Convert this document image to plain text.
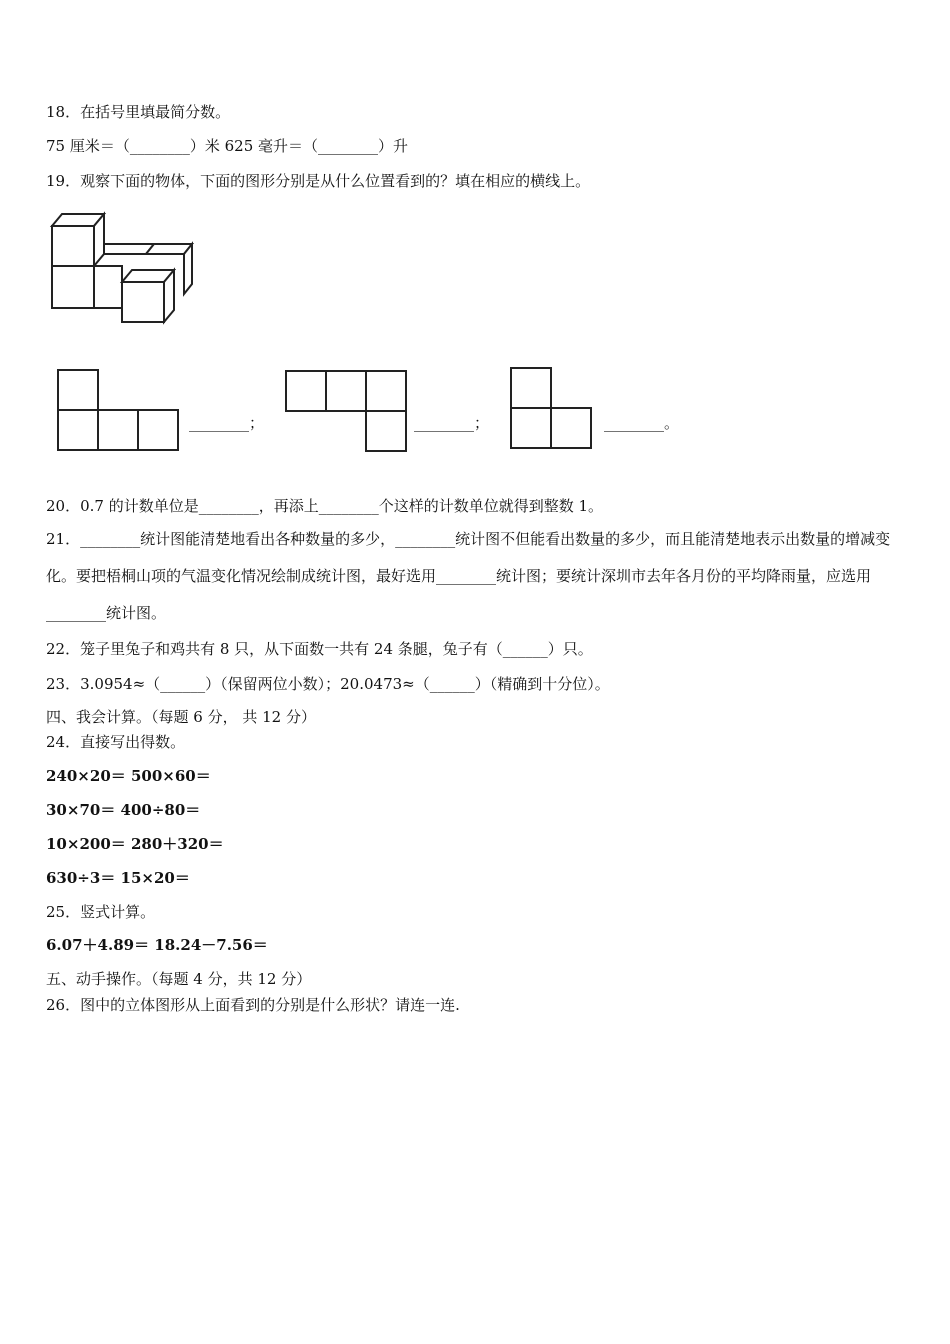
18．在括号里填最简分数。
75 厘米＝（________）米 625 毫升＝（________）升
19．观察下面的物体，下面的图形分别是从什么位置看到的？填在相应的横线上。
________；	________；	________。
20．0.7 的计数单位是________，再添上________个这样的计数单位就得到整数 1。
21．________统计图能清楚地看出各种数量的多少，________统计图不但能看出数量的多少，而且能清楚地表示出数量的增减变化。要把梧桐山项的气温变化情况绘制成统计图，最好选用________统计图；要统计深圳市去年各月份的平均降雨量，应选用________统计图。
22．笼子里兔子和鸡共有 8 只，从下面数一共有 24 条腿，兔子有（______）只。
23．3.0954≈（______）（保留两位小数）；20.0473≈（______）（精确到十分位）。
四、我会计算。（每题 6 分， 共 12 分）
24．直接写出得数。
240×20＝ 500×60＝
30×70＝ 400÷80＝
10×200＝ 280＋320＝
630÷3＝ 15×20＝
25．竖式计算。
6.07＋4.89＝ 18.24－7.56＝
五、动手操作。（每题 4 分，共 12 分）
26．图中的立体图形从上面看到的分别是什么形状？请连一连.
